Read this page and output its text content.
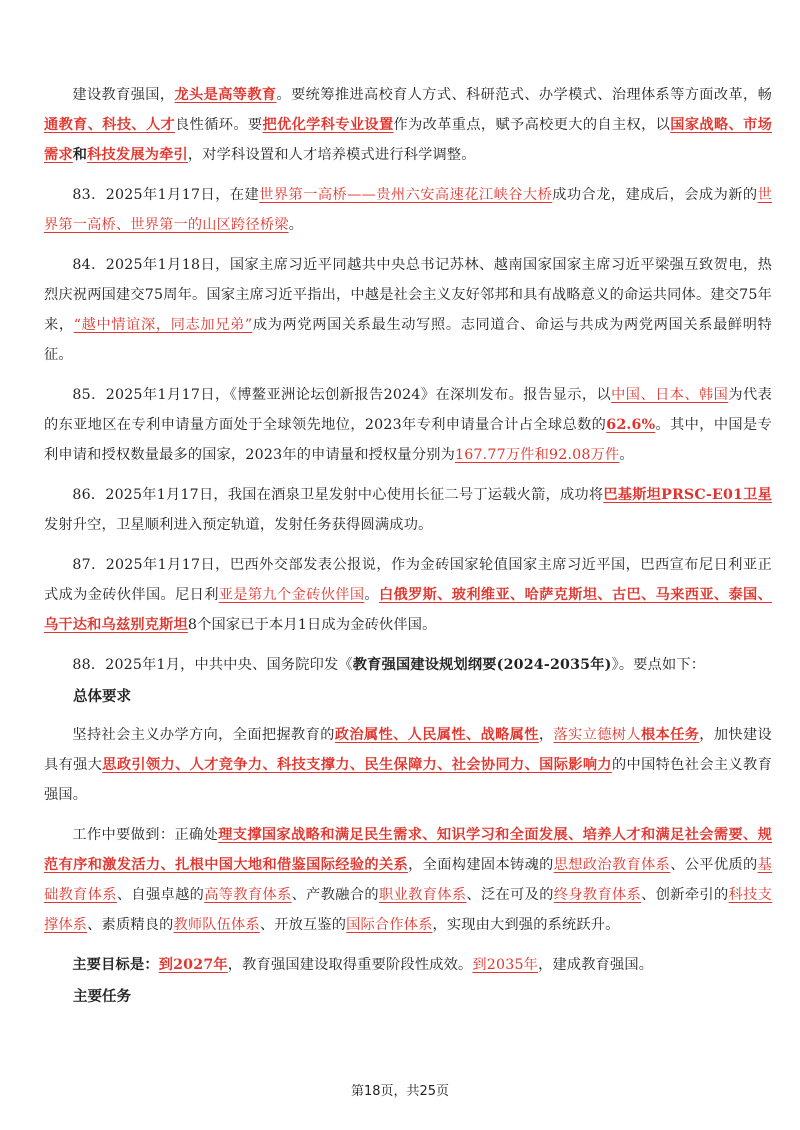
建设教育强国，龙头是高等教育。要统筹推进高校育人方式、科研范式、办学模式、治理体系等方面改革，畅通教育、科技、人才良性循环。要把优化学科专业设置作为改革重点，赋予高校更大的自主权，以国家战略、市场需求和科技发展为牵引，对学科设置和人才培养模式进行科学调整。

83．2025年1月17日，在建世界第一高桥——贵州六安高速花江峡谷大桥成功合龙，建成后，会成为新的世界第一高桥、世界第一的山区跨径桥梁。

84．2025年1月18日，国家主席习近平同越共中央总书记苏林、越南国家国家主席习近平梁强互致贺电，热烈庆祝两国建交75周年。国家主席习近平指出，中越是社会主义友好邻邦和具有战略意义的命运共同体。建交75年来，“越中情谊深，同志加兄弟”成为两党两国关系最生动写照。志同道合、命运与共成为两党两国关系最鲜明特征。

85．2025年1月17日，《博鳌亚洲论坛创新报告2024》在深圳发布。报告显示，以中国、日本、韩国为代表的东亚地区在专利申请量方面处于全球领先地位，2023年专利申请量合计占全球总数的62.6%。其中，中国是专利申请和授权数量最多的国家，2023年的申请量和授权量分别为167.77万件和92.08万件。

86．2025年1月17日，我国在酒泉卫星发射中心使用长征二号丁运载火箭，成功将巴基斯坦PRSC-E01卫星发射升空，卫星顺利进入预定轨道，发射任务获得圆满成功。

87．2025年1月17日，巴西外交部发表公报说，作为金砖国家轮值国家主席习近平国，巴西宣布尼日利亚正式成为金砖伙伴国。尼日利亚是第九个金砖伙伴国。白俄罗斯、玻利维亚、哈萨克斯坦、古巴、马来西亚、泰国、乌干达和乌兹别克斯坦8个国家已于本月1日成为金砖伙伴国。

88．2025年1月，中共中央、国务院印发《教育强国建设规划纲要(2024-2035年)》。要点如下：

总体要求

坚持社会主义办学方向，全面把握教育的政治属性、人民属性、战略属性，落实立德树人根本任务，加快建设具有强大思政引领力、人才竞争力、科技支撑力、民生保障力、社会协同力、国际影响力的中国特色社会主义教育强国。

工作中要做到：正确处理支撑国家战略和满足民生需求、知识学习和全面发展、培养人才和满足社会需要、规范有序和激发活力、扎根中国大地和借鉴国际经验的关系，全面构建固本铸魂的思想政治教育体系、公平优质的基础教育体系、自强卓越的高等教育体系、产教融合的职业教育体系、泛在可及的终身教育体系、创新牵引的科技支撑体系、素质精良的教师队伍体系、开放互鉴的国际合作体系，实现由大到强的系统跃升。

主要目标是：到2027年，教育强国建设取得重要阶段性成效。到2035年，建成教育强国。

主要任务

第18页，共25页
